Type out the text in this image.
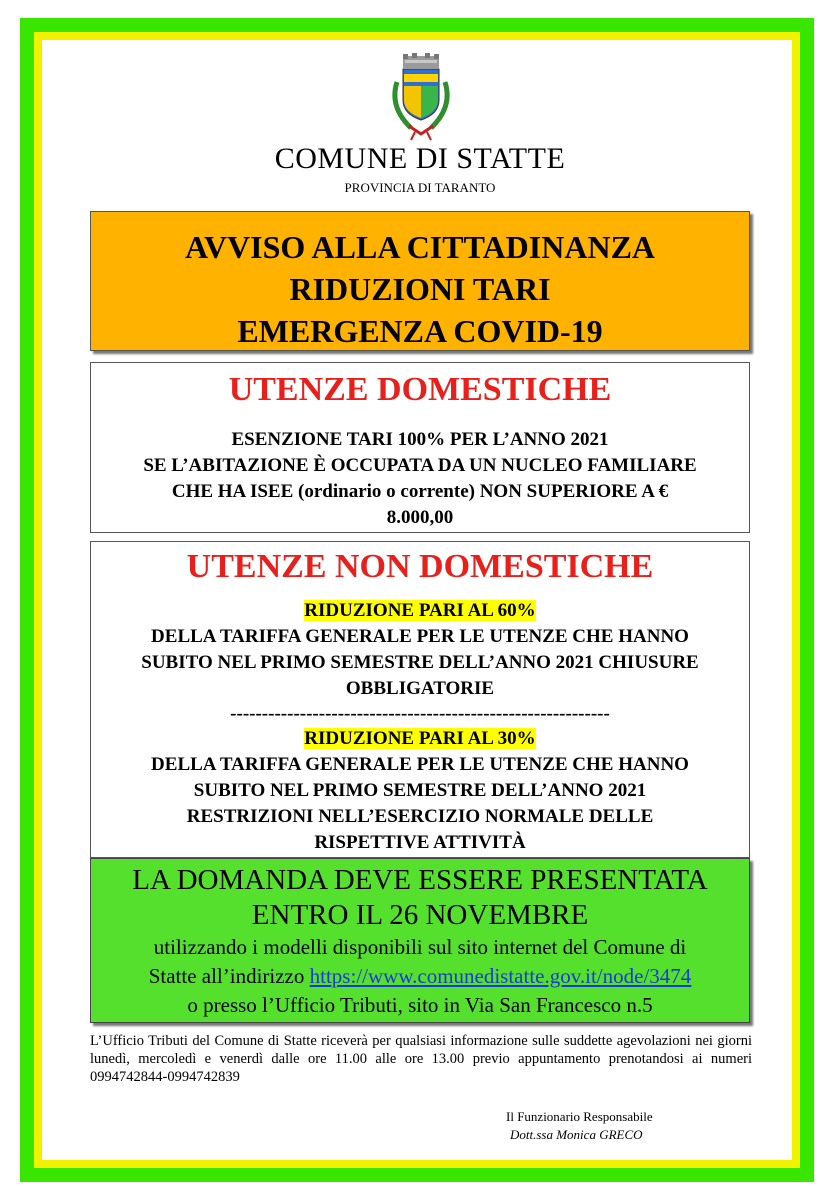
COMUNE DI STATTE
PROVINCIA DI TARANTO
AVVISO ALLA CITTADINANZA
RIDUZIONI TARI
EMERGENZA COVID-19
UTENZE DOMESTICHE
ESENZIONE TARI 100% PER L’ANNO 2021
SE L’ABITAZIONE È OCCUPATA DA UN NUCLEO FAMILIARE
CHE HA ISEE (ordinario o corrente) NON SUPERIORE A €
8.000,00
UTENZE NON DOMESTICHE
RIDUZIONE PARI AL 60%
DELLA TARIFFA GENERALE PER LE UTENZE CHE HANNO
SUBITO NEL PRIMO SEMESTRE DELL’ANNO 2021 CHIUSURE
OBBLIGATORIE
------------------------------------------------------------
RIDUZIONE PARI AL 30%
DELLA TARIFFA GENERALE PER LE UTENZE CHE HANNO
SUBITO NEL PRIMO SEMESTRE DELL’ANNO 2021
RESTRIZIONI NELL’ESERCIZIO NORMALE DELLE
RISPETTIVE ATTIVITÀ
LA DOMANDA DEVE ESSERE PRESENTATA
ENTRO IL 26 NOVEMBRE
utilizzando i modelli disponibili sul sito internet del Comune di
Statte all’indirizzo https://www.comunedistatte.gov.it/node/3474
o presso l’Ufficio Tributi, sito in Via San Francesco n.5
L’Ufficio Tributi del Comune di Statte riceverà per qualsiasi informazione sulle suddette agevolazioni nei giorni lunedì, mercoledì e venerdì dalle ore 11.00 alle ore 13.00 previo appuntamento prenotandosi ai numeri 0994742844-0994742839
Il Funzionario Responsabile
Dott.ssa Monica GRECO
